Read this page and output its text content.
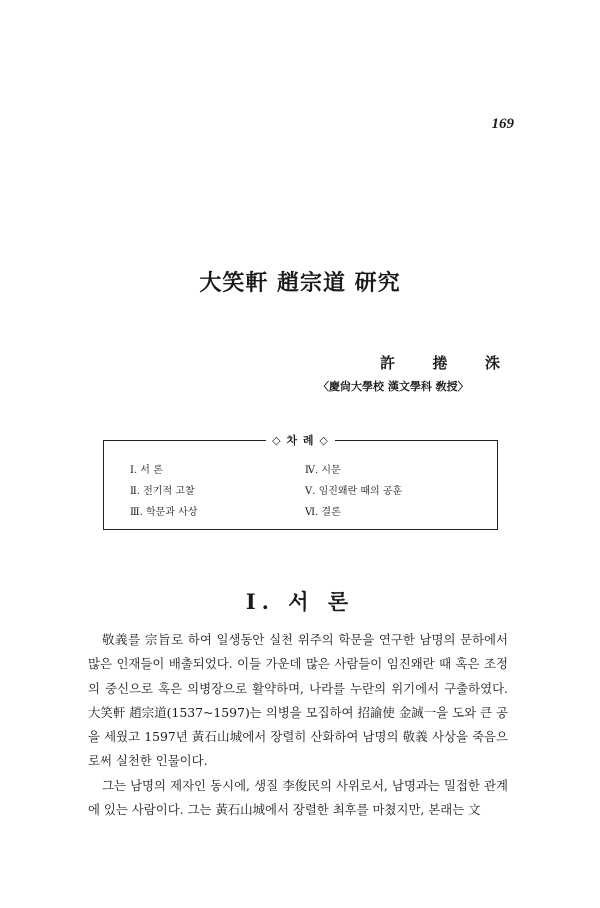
169
大笑軒 趙宗道 研究
許 捲 洙
〈慶尙大學校 漢文學科 敎授〉
◇ 차 례 ◇
Ⅰ. 서 론	Ⅳ. 시문
Ⅱ. 전기적 고찰	Ⅴ. 임진왜란 때의 공훈
Ⅲ. 학문과 사상	Ⅵ. 결론
Ⅰ. 서 론

敬義를 宗旨로 하여 일생동안 실천 위주의 학문을 연구한 남명의 문하에서 많은 인재들이 배출되었다. 이들 가운데 많은 사람들이 임진왜란 때 혹은 조정의 중신으로 혹은 의병장으로 활약하며, 나라를 누란의 위기에서 구출하였다. 大笑軒 趙宗道(1537~1597)는 의병을 모집하여 招諭使 金誠一을 도와 큰 공을 세웠고 1597년 黃石山城에서 장렬히 산화하여 남명의 敬義 사상을 죽음으로써 실천한 인물이다.

그는 남명의 제자인 동시에, 생질 李俊民의 사위로서, 남명과는 밀접한 관계에 있는 사람이다. 그는 黃石山城에서 장렬한 최후를 마쳤지만, 본래는 文
